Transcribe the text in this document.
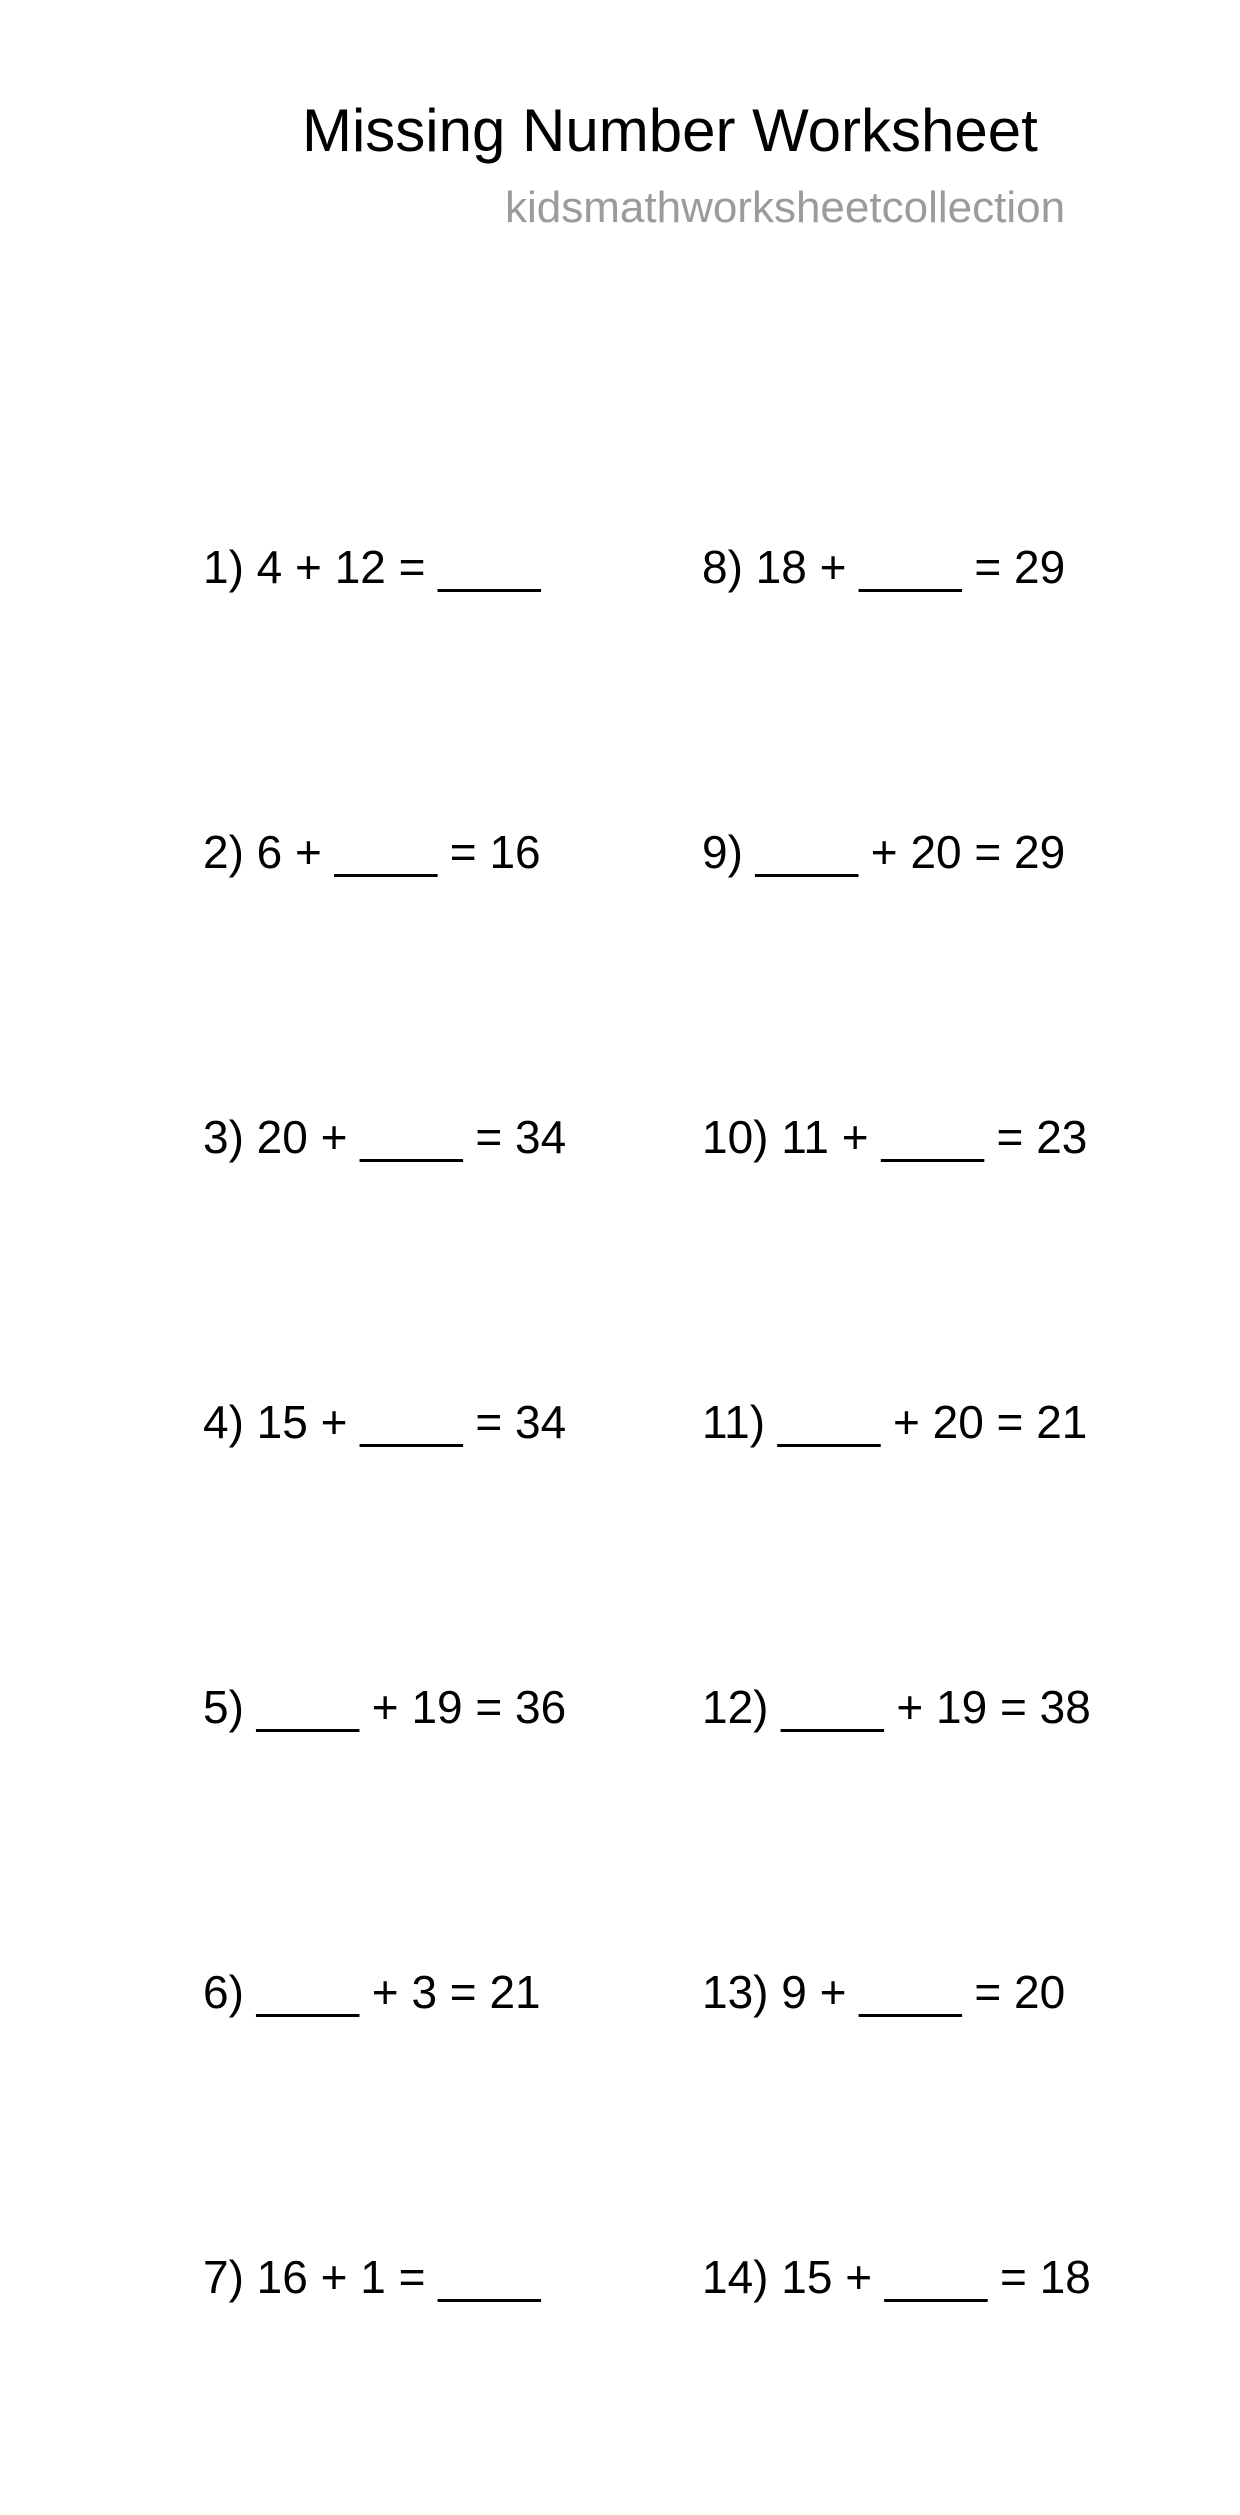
Missing Number Worksheet
kidsmathworksheetcollection

1) 4 + 12 = ____

2) 6 + ____ = 16

3) 20 + ____ = 34

4) 15 + ____ = 34

5) ____ + 19 = 36

6) ____ + 3 = 21

7) 16 + 1 = ____

8) 18 + ____ = 29

9) ____ + 20 = 29

10) 11 + ____ = 23

11) ____ + 20 = 21

12) ____ + 19 = 38

13) 9 + ____ = 20

14) 15 + ____ = 18
